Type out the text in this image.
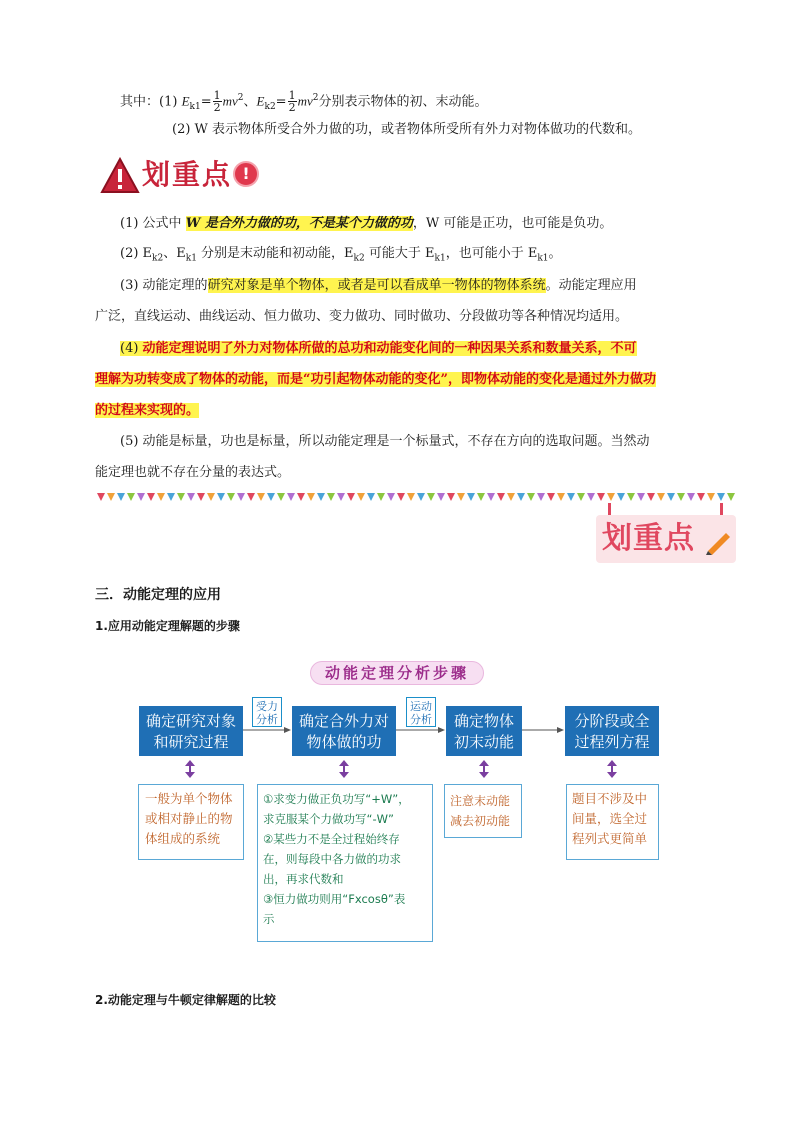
其中：(1) $E_{k1}= \frac{1}{2} mv^2$、$E_{k2}= \frac{1}{2} mv^2$分别表示物体的初、末动能。
(2) W 表示物体所受合外力做的功，或者物体所受所有外力对物体做功的代数和。
划重点 !
(1) 公式中 W 是合外力做的功，不是某个力做的功，W 可能是正功，也可能是负功。
(2) $E_{k2}$、$E_{k1}$ 分别是末动能和初动能，$E_{k2}$ 可能大于 $E_{k1}$，也可能小于 $E_{k1}$。
(3) 动能定理的研究对象是单个物体，或者是可以看成单一物体的物体系统。动能定理应用
广泛，直线运动、曲线运动、恒力做功、变力做功、同时做功、分段做功等各种情况均适用。
(4) 动能定理说明了外力对物体所做的总功和动能变化间的一种因果关系和数量关系，不可
理解为功转变成了物体的动能，而是“功引起物体动能的变化”，即物体动能的变化是通过外力做功
的过程来实现的。
(5) 动能是标量，功也是标量，所以动能定理是一个标量式，不存在方向的选取问题。当然动
能定理也就不存在分量的表达式。
划重点
三．动能定理的应用
1.应用动能定理解题的步骤
动能定理分析步骤
确定研究对象
和研究过程
确定合外力对
物体做的功
确定物体
初末动能
分阶段或全
过程列方程
受力
分析
运动
分析
一般为单个物体
或相对静止的物
体组成的系统
①求变力做正负功写“+W”，
求克服某个力做功写“-W”
②某些力不是全过程始终存
在，则每段中各力做的功求
出，再求代数和
③恒力做功则用“Fxcosθ”表
示
注意末动能
减去初动能
题目不涉及中
间量，选全过
程列式更简单
2.动能定理与牛顿定律解题的比较
